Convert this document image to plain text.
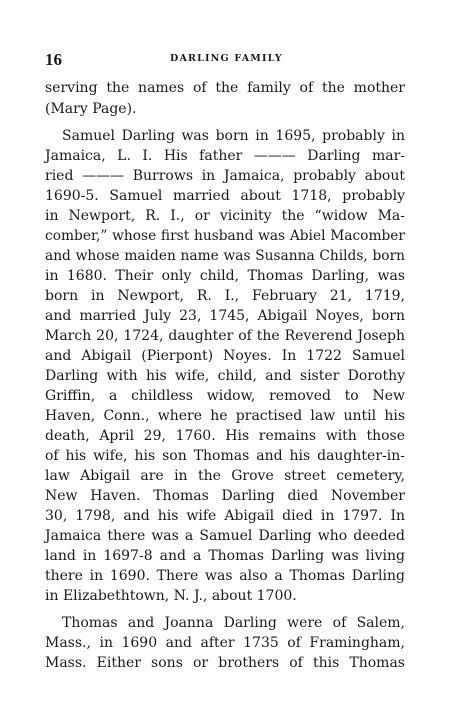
16	DARLING FAMILY
serving the names of the family of the mother
(Mary Page).
Samuel Darling was born in 1695, probably in
Jamaica, L. I. His father ——— Darling mar-
ried ——— Burrows in Jamaica, probably about
1690-5. Samuel married about 1718, probably
in Newport, R. I., or vicinity the “widow Ma-
comber,” whose first husband was Abiel Macomber
and whose maiden name was Susanna Childs, born
in 1680. Their only child, Thomas Darling, was
born in Newport, R. I., February 21, 1719,
and married July 23, 1745, Abigail Noyes, born
March 20, 1724, daughter of the Reverend Joseph
and Abigail (Pierpont) Noyes. In 1722 Samuel
Darling with his wife, child, and sister Dorothy
Griffin, a childless widow, removed to New
Haven, Conn., where he practised law until his
death, April 29, 1760. His remains with those
of his wife, his son Thomas and his daughter-in-
law Abigail are in the Grove street cemetery,
New Haven. Thomas Darling died November
30, 1798, and his wife Abigail died in 1797. In
Jamaica there was a Samuel Darling who deeded
land in 1697-8 and a Thomas Darling was living
there in 1690. There was also a Thomas Darling
in Elizabethtown, N. J., about 1700.
Thomas and Joanna Darling were of Salem,
Mass., in 1690 and after 1735 of Framingham,
Mass. Either sons or brothers of this Thomas
